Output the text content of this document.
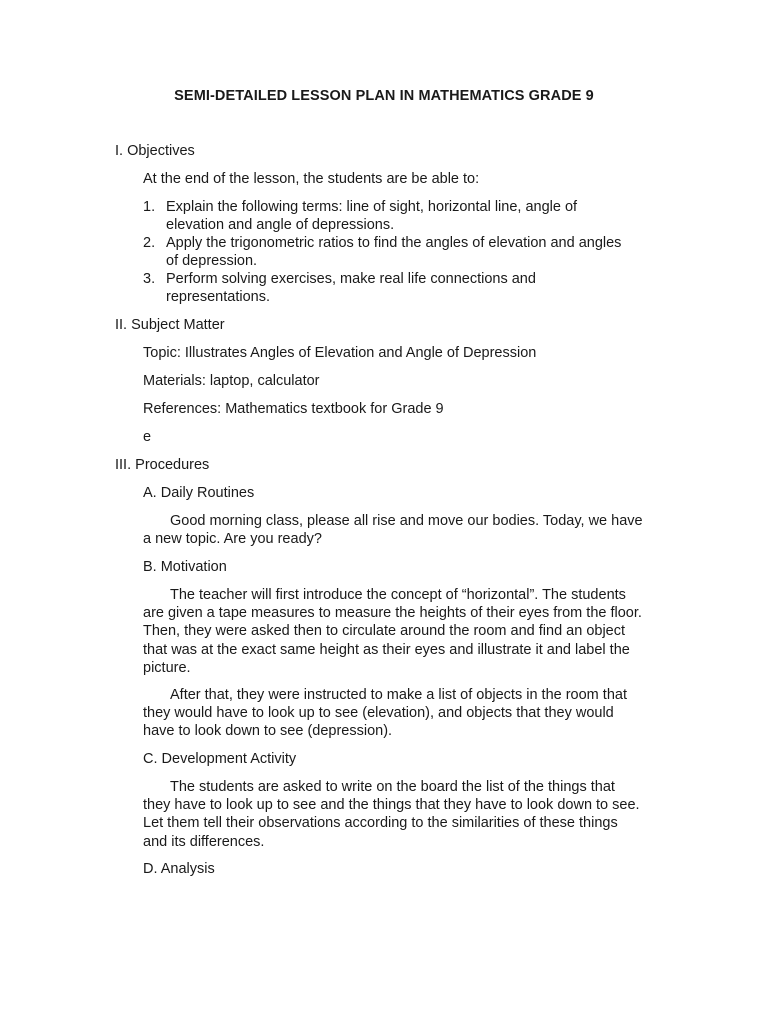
SEMI-DETAILED LESSON PLAN IN MATHEMATICS GRADE 9
I. Objectives
At the end of the lesson, the students are be able to:
1. Explain the following terms: line of sight, horizontal line, angle of elevation and angle of depressions.
2. Apply the trigonometric ratios to find the angles of elevation and angles of depression.
3. Perform solving exercises, make real life connections and representations.
II. Subject Matter
Topic: Illustrates Angles of Elevation and Angle of Depression
Materials: laptop, calculator
References: Mathematics textbook for Grade 9
e
III. Procedures
A. Daily Routines
Good morning class, please all rise and move our bodies. Today, we have a new topic. Are you ready?
B. Motivation
The teacher will first introduce the concept of “horizontal”. The students are given a tape measures to measure the heights of their eyes from the floor. Then, they were asked then to circulate around the room and find an object that was at the exact same height as their eyes and illustrate it and label the picture.
After that, they were instructed to make a list of objects in the room that they would have to look up to see (elevation), and objects that they would have to look down to see (depression).
C. Development Activity
The students are asked to write on the board the list of the things that they have to look up to see and the things that they have to look down to see. Let them tell their observations according to the similarities of these things and its differences.
D. Analysis
